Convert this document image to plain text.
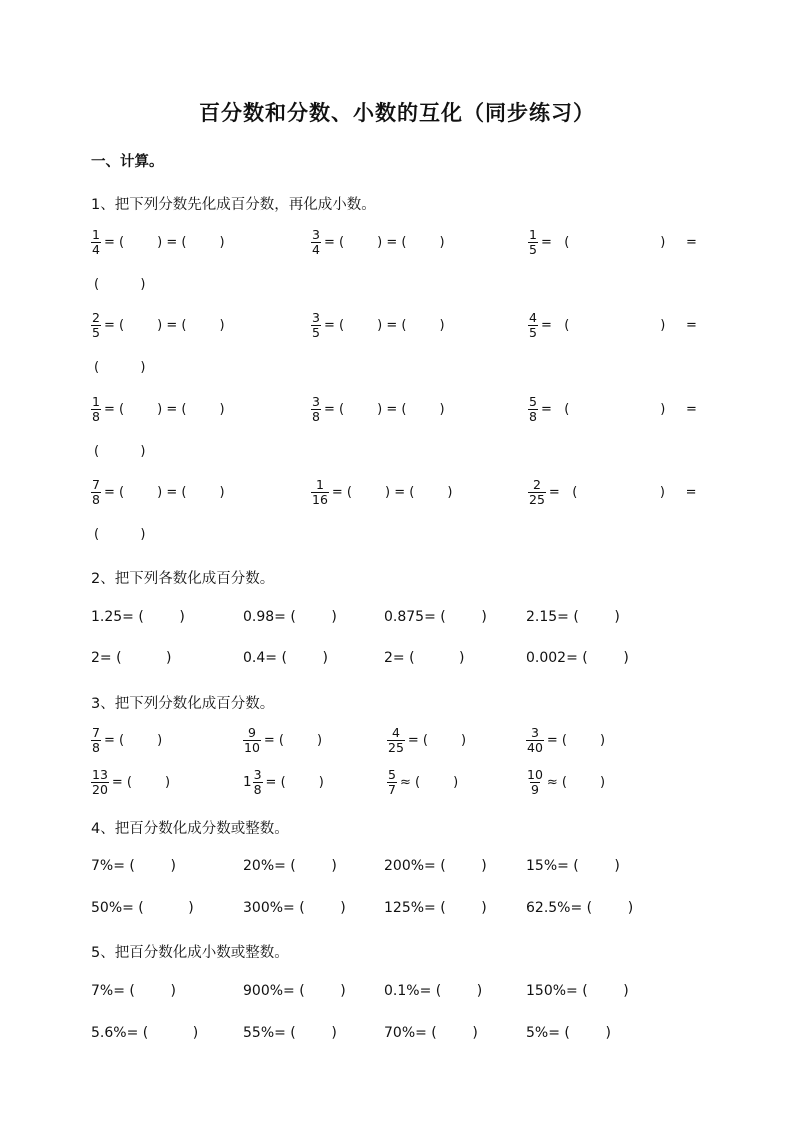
百分数和分数、小数的互化（同步练习）
一、计算。
1、把下列分数先化成百分数，再化成小数。
$\frac{1}{4}$ = (        ) = (        )	$\frac{3}{4}$ = (        ) = (        )	$\frac{1}{5}$ =   (                      )     =
(          )
$\frac{2}{5}$ = (        ) = (        )	$\frac{3}{5}$ = (        ) = (        )	$\frac{4}{5}$ =   (                      )     =
(          )
$\frac{1}{8}$ = (        ) = (        )	$\frac{3}{8}$ = (        ) = (        )	$\frac{5}{8}$ =   (                      )     =
(          )
$\frac{7}{8}$ = (        ) = (        )	$\frac{1}{16}$ = (        ) = (        )	$\frac{2}{25}$ =   (                    )     =
(          )
2、把下列各数化成百分数。
1.25= (        )	0.98= (        )	0.875= (        )	2.15= (        )
2= (          )	0.4= (        )	2= (          )	0.002= (        )
3、把下列分数化成百分数。
$\frac{7}{8}$ = (        )	$\frac{9}{10}$ = (        )	$\frac{4}{25}$ = (        )	$\frac{3}{40}$ = (        )
$\frac{13}{20}$ = (        )	$1 \frac{3}{8}$ = (        )	$\frac{5}{7}$ ≈ (        )	$\frac{10}{9}$ ≈ (        )
4、把百分数化成分数或整数。
7%= (        )	20%= (        )	200%= (        )	15%= (        )
50%= (          )	300%= (        )	125%= (        )	62.5%= (        )
5、把百分数化成小数或整数。
7%= (        )	900%= (        )	0.1%= (        )	150%= (        )
5.6%= (          )	55%= (        )	70%= (        )	5%= (        )
